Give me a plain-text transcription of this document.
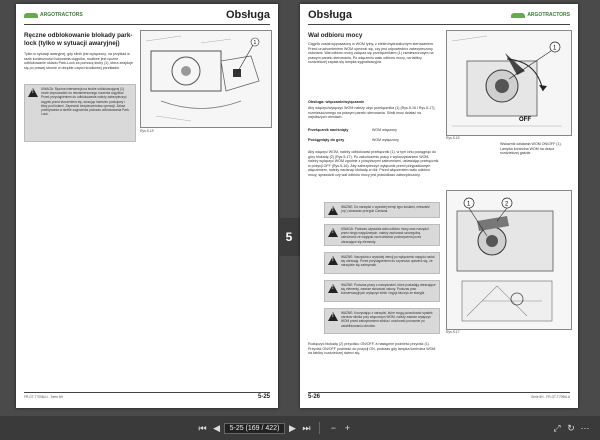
ARGOTRACTORS	Obsługa
Ręczne odblokowanie blokady park-lock (tylko w sytuacji awaryjnej)
Tylko w sytuacji awaryjnej, gdy silnik jest wyłączony, na przykład w razie konieczności holowania ciągnika, możliwe jest ręczne odblokowanie układu Park-Lock za pomocą śruby (1), która znajduje się po prawej stronie w obrębie części środkowej przekładni.
!
UWAGA: Ręczna interwencja na śrubie odblokowującej (1) może doprowadzić do niezamierzonego ruszenia ciągnika! Przed przystąpieniem do odblokowania należy zabezpieczyć ciągnik przed stoczeniem się, stosując hamulec postojowy i kliny pod kołami. Zapewnić bezpieczeństwo operacji. Zakaz przebywania w strefie zagrożenia podczas odblokowania Park-Lock.
1
Rys.5-15
FR-GT-T7096LU - Serie 6H	5-25
5
Obsługa	ARGOTRACTORS
Wał odbioru mocy
Ciągnik został wyposażony w WOM tylny, z elektrohydraulicznym sterowaniem. Przed uruchomieniem WOM upewnić się, czy jest odpowiednio zabezpieczony osłonami. Wał odbioru mocy załącza się przełącznikiem (1) zamieszczonym na prawym panelu sterowania. Po włączeniu wału odbioru mocy, na tablicy rozdzielczej zapala się lampka sygnalizacyjna.
Obsługa: włączanie/wyłączanie
Aby włączyć/wyłączyć WOM należy użyć przełącznika (1) (Rys.5-16 i Rys.5-17), rozmieszczonego na prawym panelu sterowania. Silnik musi działać na najniższych obrotach.
Przełącznik naciśnięty	WOM włączony
Pociągnięty do góry	WOM wyłączony
Aby włączyć WOM, należy odblokować przełącznik (1), w tym celu pociągnąć do góry blokadę (2) (Rys.5-17). Po zakończeniu pracy z wykorzystaniem WOM, należy wyłączyć WOM zgodnie z powyższymi zaleceniami, ustawiając przełącznik w pozycji OFF (Rys.5-16). Aby zabezpieczyć wyłącznik przed przypadkowym włączeniem, należy nacisnąć blokadę w dół. Przed włączeniem wału odbioru mocy, sprawdzić czy wał odbioru mocy jest prawidłowo zabezpieczony.
!
WAŻNE: Do narzędzi o wysokiej inercji typu kosiarki, mieszarki (np.) stosować przegub Cardana.
!
UWAGA: Podczas używania wału odbioru mocy oraz narzędzi przez niego napędzanych, należy zachować szczególną ostrożność ze względu na możliwość pochwycenia przez obracające się elementy.
!
WAŻNE: Narzędzia o wysokiej inercji po wyłączeniu napędu nadal się obracają. Przed przystąpieniem do czynności upewnić się, że narzędzie się zatrzymało.
!
WAŻNE: Podczas pracy z narzędziami, które posiadają obracające się elementy, zawsze stosować osłony. Podczas prac konserwacyjnych wyłączyć silnik i wyjąć kluczyk ze stacyjki.
!
WAŻNE: Korzystając z narzędzi, które mogą powodować spadek obrotów silnika przy włączonym WOM, należy zawsze wyłączyć WOM przed zatrzymaniem silnika i uruchomić ponownie po ustabilizowaniu obrotów.
Rozłączyć blokadę (2) przycisku ON/OFF, a następnie podnieść przycisk (1). Przycisk ON/OFF podnieść do pozycji ON, podczas gdy lampka kontrolna WOM na tablicy rozdzielczej świeci się.
OFF
1
Rys.5-16
Wskaźnik działania WOM ON/OFF (1). Lampka kontrolna WOM na desce rozdzielczej gaśnie.
2
1
Rys.5-17
5-26	Serie 6H - FR-GT-T7096LU
⏮ ◀	5-25 (169 / 422)	▶ ⏭	− +	⤢ ↻ ⋯
